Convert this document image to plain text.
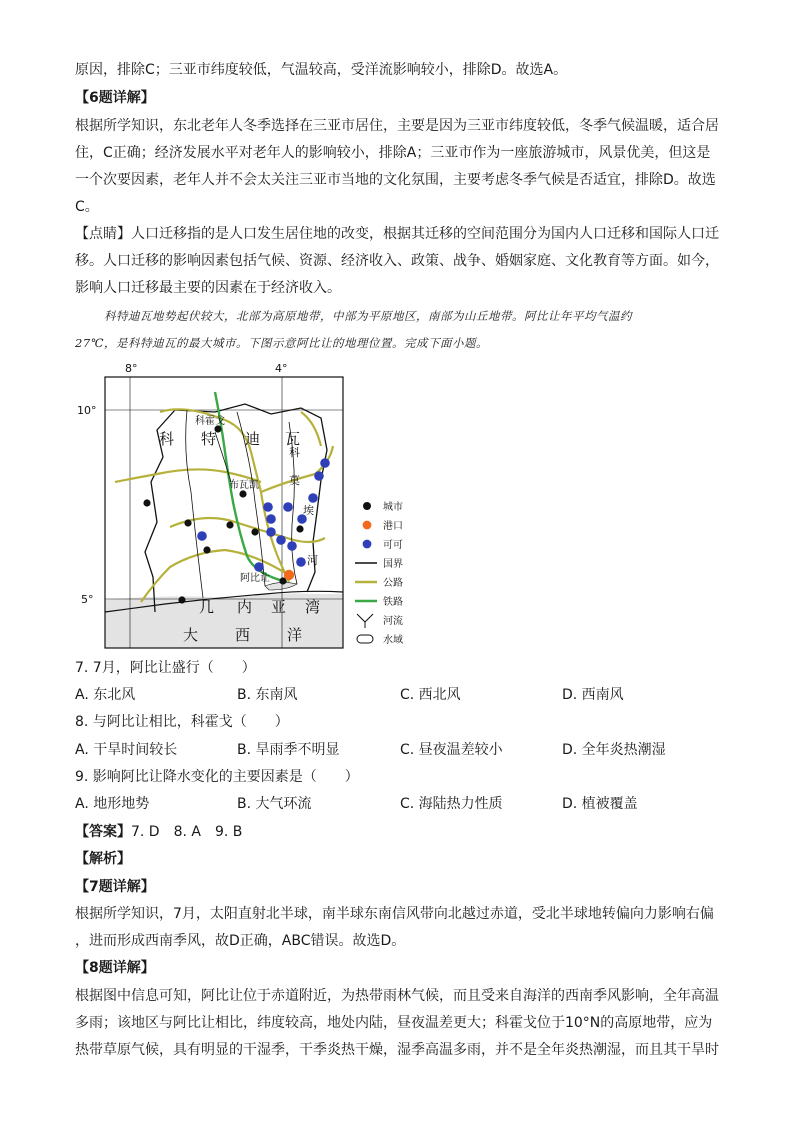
原因，排除C；三亚市纬度较低，气温较高，受洋流影响较小，排除D。故选A。

【6题详解】

根据所学知识，东北老年人冬季选择在三亚市居住，主要是因为三亚市纬度较低，冬季气候温暖，适合居

住，C正确；经济发展水平对老年人的影响较小，排除A；三亚市作为一座旅游城市，风景优美，但这是

一个次要因素，老年人并不会太关注三亚市当地的文化氛围，主要考虑冬季气候是否适宜，排除D。故选

C。

【点睛】人口迁移指的是人口发生居住地的改变，根据其迁移的空间范围分为国内人口迁移和国际人口迁

移。人口迁移的影响因素包括气候、资源、经济收入、政策、战争、婚姻家庭、文化教育等方面。如今，

影响人口迁移最主要的因素在于经济收入。

科特迪瓦地势起伏较大，北部为高原地带，中部为平原地区，南部为山丘地带。阿比让年平均气温约

27℃，是科特迪瓦的最大城市。下图示意阿比让的地理位置。完成下面小题。

8°	4°
10°
5°
科霍戈
布瓦凯
阿比让
科 特 迪 瓦
科
莫
埃
河
几 内 亚 湾
大 西 洋
城市
港口
可可
国界
公路
铁路
河流
水域

7. 7月，阿比让盛行（　　）

A. 东北风	B. 东南风	C. 西北风	D. 西南风

8. 与阿比让相比，科霍戈（　　）

A. 干旱时间较长	B. 旱雨季不明显	C. 昼夜温差较小	D. 全年炎热潮湿

9. 影响阿比让降水变化的主要因素是（　　）

A. 地形地势	B. 大气环流	C. 海陆热力性质	D. 植被覆盖

【答案】7. D　8. A　9. B

【解析】

【7题详解】

根据所学知识，7月，太阳直射北半球，南半球东南信风带向北越过赤道，受北半球地转偏向力影响右偏

，进而形成西南季风，故D正确，ABC错误。故选D。

【8题详解】

根据图中信息可知，阿比让位于赤道附近，为热带雨林气候，而且受来自海洋的西南季风影响，全年高温

多雨；该地区与阿比让相比，纬度较高，地处内陆，昼夜温差更大；科霍戈位于10°N的高原地带，应为

热带草原气候，具有明显的干湿季，干季炎热干燥，湿季高温多雨，并不是全年炎热潮湿，而且其干旱时
